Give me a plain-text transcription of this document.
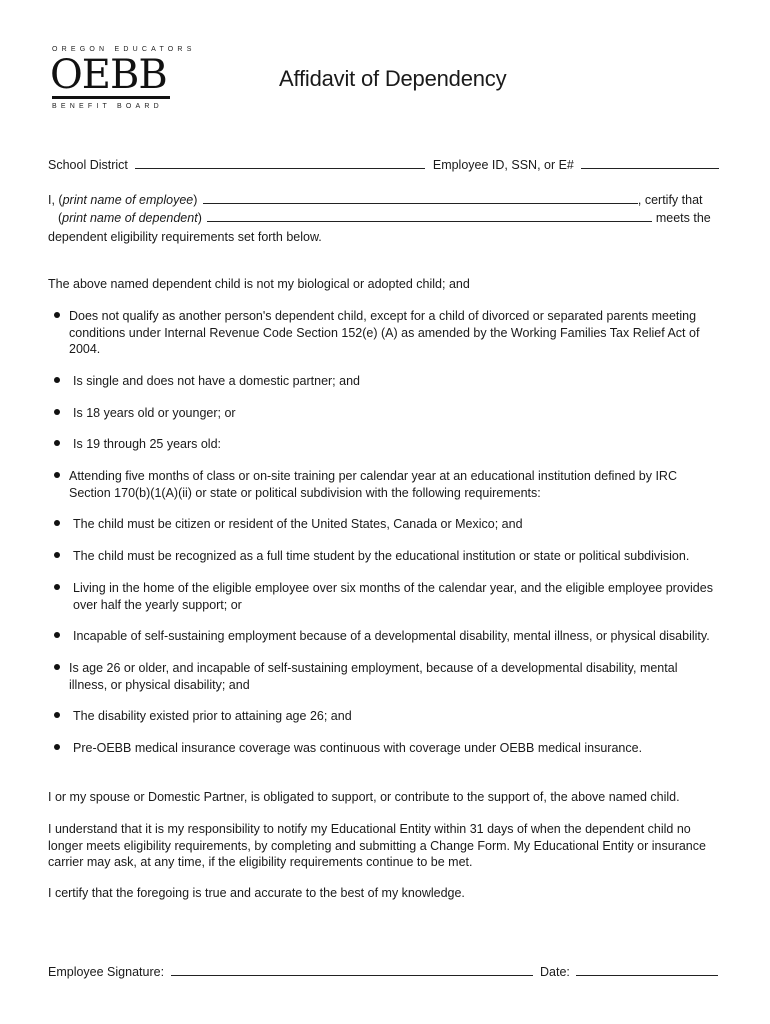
OREGON EDUCATORS
OEBB
BENEFIT BOARD
Affidavit of Dependency
School District	Employee ID, SSN, or E#
I, (print name of employee)	, certify that
(print name of dependent)	meets the
dependent eligibility requirements set forth below.
The above named dependent child is not my biological or adopted child; and
Does not qualify as another person's dependent child, except for a child of divorced or separated parents meeting conditions under Internal Revenue Code Section 152(e) (A) as amended by the Working Families Tax Relief Act of 2004.
Is single and does not have a domestic partner; and
Is 18 years old or younger; or
Is 19 through 25 years old:
Attending five months of class or on-site training per calendar year at an educational institution defined by IRC Section 170(b)(1(A)(ii) or state or political subdivision with the following requirements:
The child must be citizen or resident of the United States, Canada or Mexico; and
The child must be recognized as a full time student by the educational institution or state or political subdivision.
Living in the home of the eligible employee over six months of the calendar year, and the eligible employee provides over half the yearly support; or
Incapable of self-sustaining employment because of a developmental disability, mental illness, or physical disability.
Is age 26 or older, and incapable of self-sustaining employment, because of a developmental disability, mental illness, or physical disability; and
The disability existed prior to attaining age 26; and
Pre-OEBB medical insurance coverage was continuous with coverage under OEBB medical insurance.
I or my spouse or Domestic Partner, is obligated to support, or contribute to the support of, the above named child.
I understand that it is my responsibility to notify my Educational Entity within 31 days of when the dependent child no longer meets eligibility requirements, by completing and submitting a Change Form. My Educational Entity or insurance carrier may ask, at any time, if the eligibility requirements continue to be met.
I certify that the foregoing is true and accurate to the best of my knowledge.
Employee Signature:	Date:
